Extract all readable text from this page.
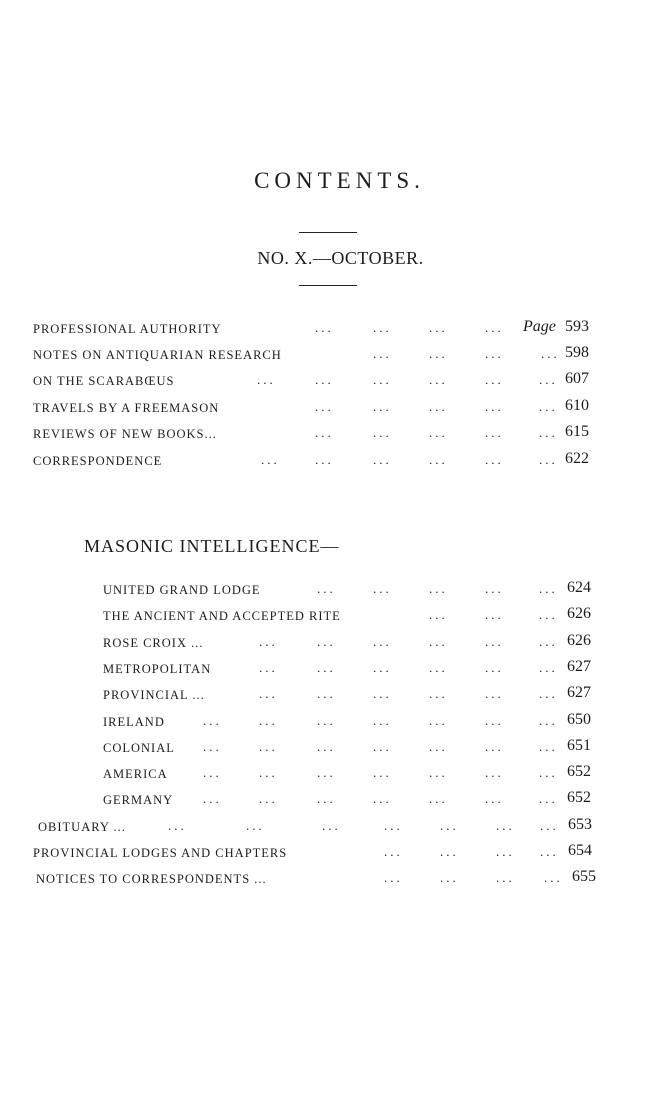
CONTENTS.
NO. X.—OCTOBER.
PROFESSIONAL AUTHORITY	...	...	...	... Page 593
NOTES ON ANTIQUARIAN RESEARCH	...	...	...	... 598
ON THE SCARABŒUS	...	...	...	...	...	... 607
TRAVELS BY A FREEMASON	...	...	...	...	... 610
REVIEWS OF NEW BOOKS...	...	...	...	...	... 615
CORRESPONDENCE	...	...	...	...	...	... 622
MASONIC INTELLIGENCE—
UNITED GRAND LODGE	...	...	...	...	... 624
THE ANCIENT AND ACCEPTED RITE	...	...	... 626
ROSE CROIX ...	...	...	...	...	...	... 626
METROPOLITAN	...	...	...	...	...	... 627
PROVINCIAL ...	...	...	...	...	...	... 627
IRELAND	...	...	...	...	...	...	... 650
COLONIAL ...	...	...	...	...	...	... 651
AMERICA	...	...	...	...	...	...	... 652
GERMANY ...	...	...	...	...	...	... 652
OBITUARY ...	...	...	...	...	...	... ... 653
PROVINCIAL LODGES AND CHAPTERS	...	...	... ... 654
NOTICES TO CORRESPONDENTS ...	...	...	... ... 655
